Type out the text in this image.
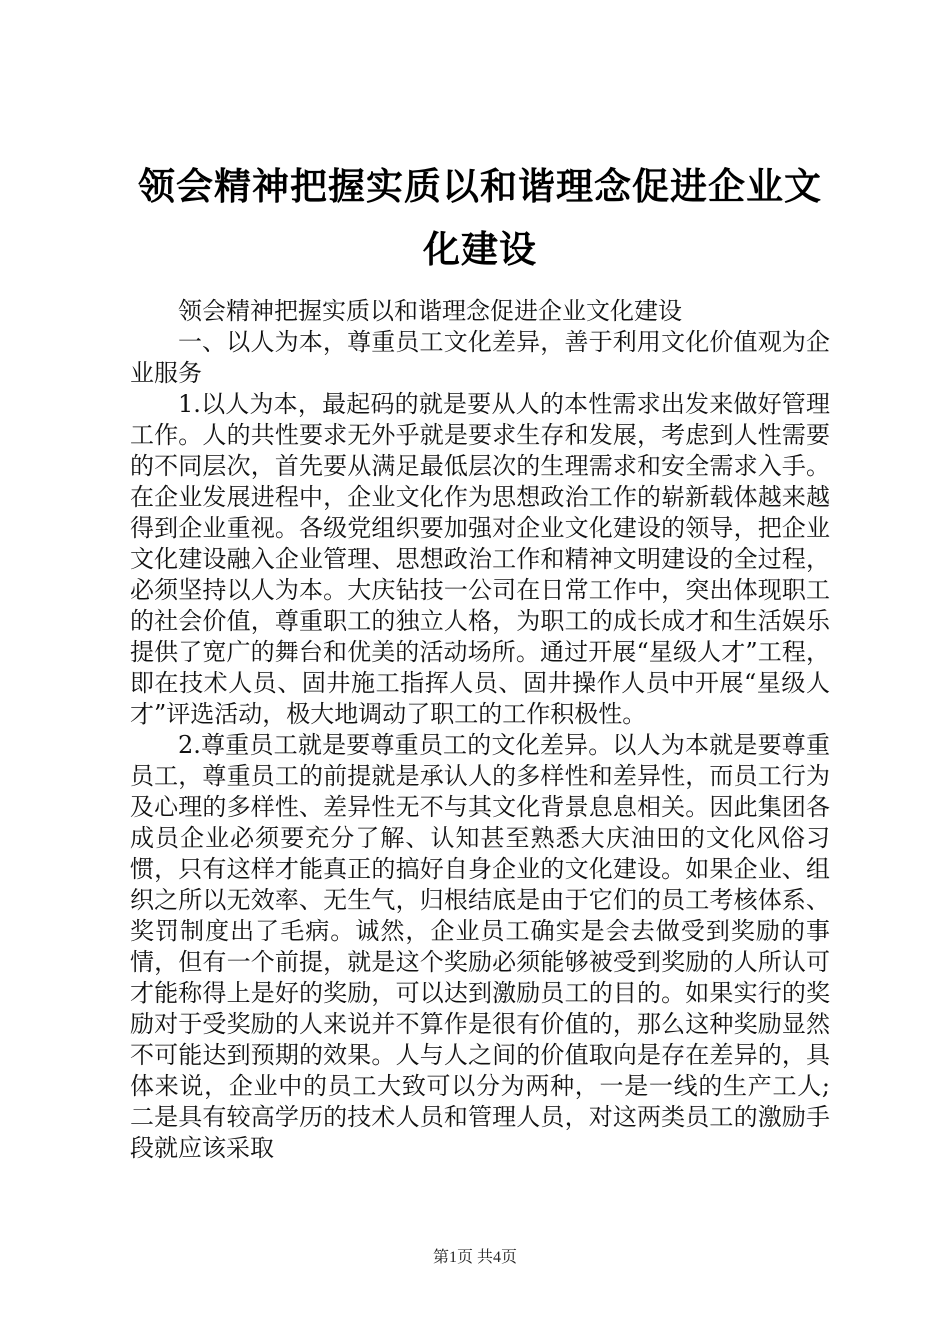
领会精神把握实质以和谐理念促进企业文化建设

领会精神把握实质以和谐理念促进企业文化建设

一、以人为本，尊重员工文化差异，善于利用文化价值观为企业服务

1.以人为本，最起码的就是要从人的本性需求出发来做好管理工作。人的共性要求无外乎就是要求生存和发展，考虑到人性需要的不同层次，首先要从满足最低层次的生理需求和安全需求入手。在企业发展进程中，企业文化作为思想政治工作的崭新载体越来越得到企业重视。各级党组织要加强对企业文化建设的领导，把企业文化建设融入企业管理、思想政治工作和精神文明建设的全过程，必须坚持以人为本。大庆钻技一公司在日常工作中，突出体现职工的社会价值，尊重职工的独立人格，为职工的成长成才和生活娱乐提供了宽广的舞台和优美的活动场所。通过开展“星级人才”工程，即在技术人员、固井施工指挥人员、固井操作人员中开展“星级人才”评选活动，极大地调动了职工的工作积极性。

2.尊重员工就是要尊重员工的文化差异。以人为本就是要尊重员工，尊重员工的前提就是承认人的多样性和差异性，而员工行为及心理的多样性、差异性无不与其文化背景息息相关。因此集团各成员企业必须要充分了解、认知甚至熟悉大庆油田的文化风俗习惯，只有这样才能真正的搞好自身企业的文化建设。如果企业、组织之所以无效率、无生气，归根结底是由于它们的员工考核体系、奖罚制度出了毛病。诚然，企业员工确实是会去做受到奖励的事情，但有一个前提，就是这个奖励必须能够被受到奖励的人所认可才能称得上是好的奖励，可以达到激励员工的目的。如果实行的奖励对于受奖励的人来说并不算作是很有价值的，那么这种奖励显然不可能达到预期的效果。人与人之间的价值取向是存在差异的，具体来说，企业中的员工大致可以分为两种，一是一线的生产工人;二是具有较高学历的技术人员和管理人员，对这两类员工的激励手段就应该采取

第1页 共4页
